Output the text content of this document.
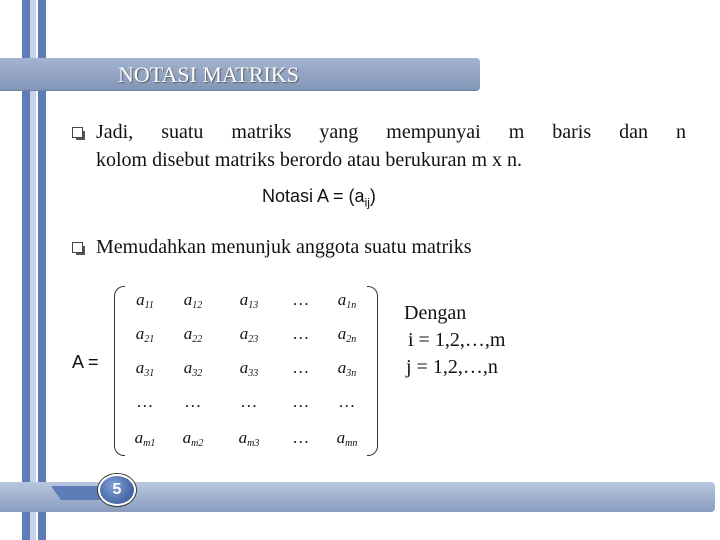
NOTASI MATRIKS
Jadi, suatu matriks yang mempunyai m baris dan n
kolom disebut matriks berordo atau berukuran m x n.
Notasi $A = (a_{ij})$
Memudahkan menunjuk anggota suatu matriks
A =
a11	a12	a13	…	a1n
a21	a22	a23	…	a2n
a31	a32	a33	…	a3n
…	…	…	…	…
am1	am2	am3	…	amn
Dengan
i = 1,2,…,m
j = 1,2,…,n
5
